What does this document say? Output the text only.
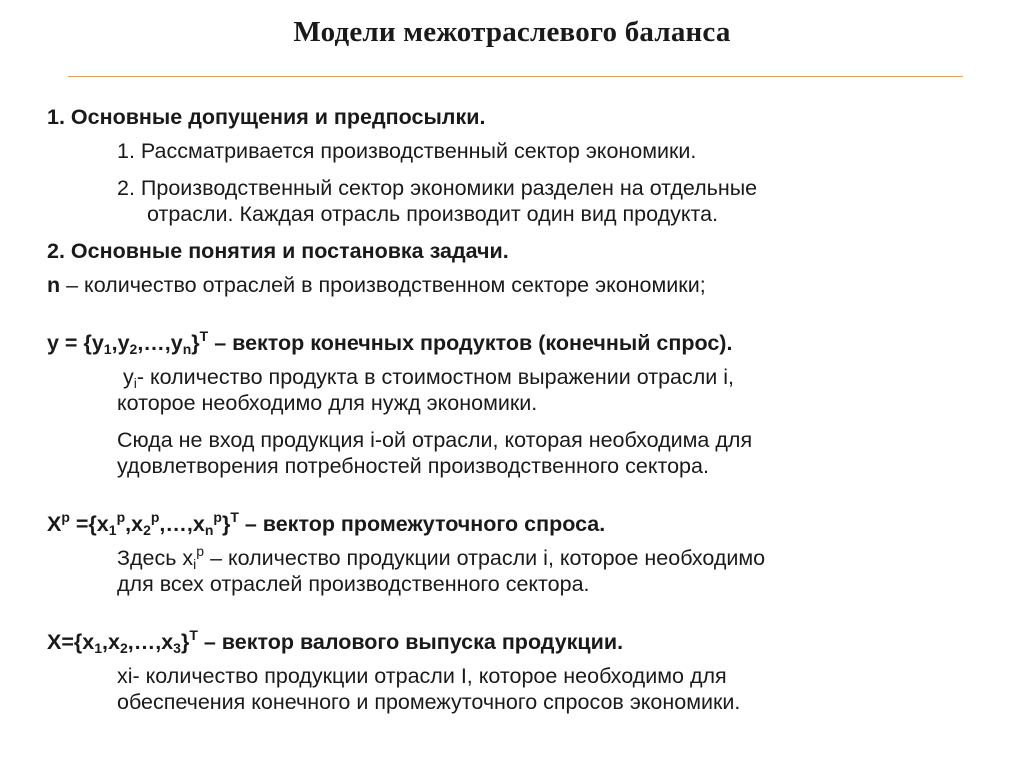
Модели межотраслевого баланса

1. Основные допущения и предпосылки.

1. Рассматривается производственный сектор экономики.

2. Производственный сектор экономики разделен на отдельные

отрасли. Каждая отрасль производит один вид продукта.

2. Основные понятия и постановка задачи.

n – количество отраслей в производственном секторе экономики;

$y = \{y_1,y_2,\dots,y_n\}^T$ – вектор конечных продуктов (конечный спрос).

$y_i-$ количество продукта в стоимостном выражении отрасли i,

которое необходимо для нужд экономики.

Сюда не вход продукция i-ой отрасли, которая необходима для

удовлетворения потребностей производственного сектора.

$X^p$ $=\{x_1^p,x_2^p,\dots,x_n^p\}^T$ – вектор промежуточного спроса.

Здесь $x_i^p$ – количество продукции отрасли i, которое необходимо

для всех отраслей производственного сектора.

$X=\{x_1,x_2,\dots,x_3\}^T$ – вектор валового выпуска продукции.

xi- количество продукции отрасли I, которое необходимо для

обеспечения конечного и промежуточного спросов экономики.
